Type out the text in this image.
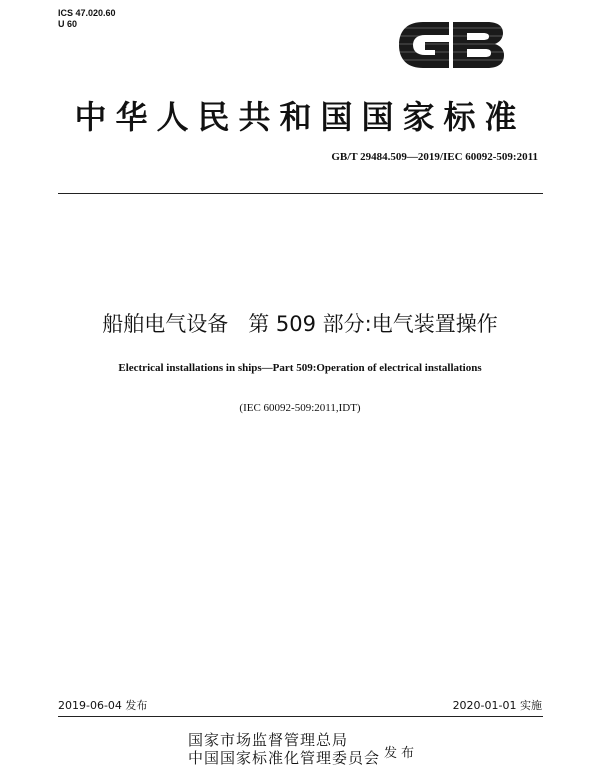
ICS 47.020.60
U 60
中华人民共和国国家标准
GB/T 29484.509—2019/IEC 60092-509:2011
船舶电气设备 第 509 部分:电气装置操作
Electrical installations in ships—Part 509:Operation of electrical installations
(IEC 60092-509:2011,IDT)
2019-06-04 发布	2020-01-01 实施
国家市场监督管理总局
中国国家标准化管理委员会 发布
